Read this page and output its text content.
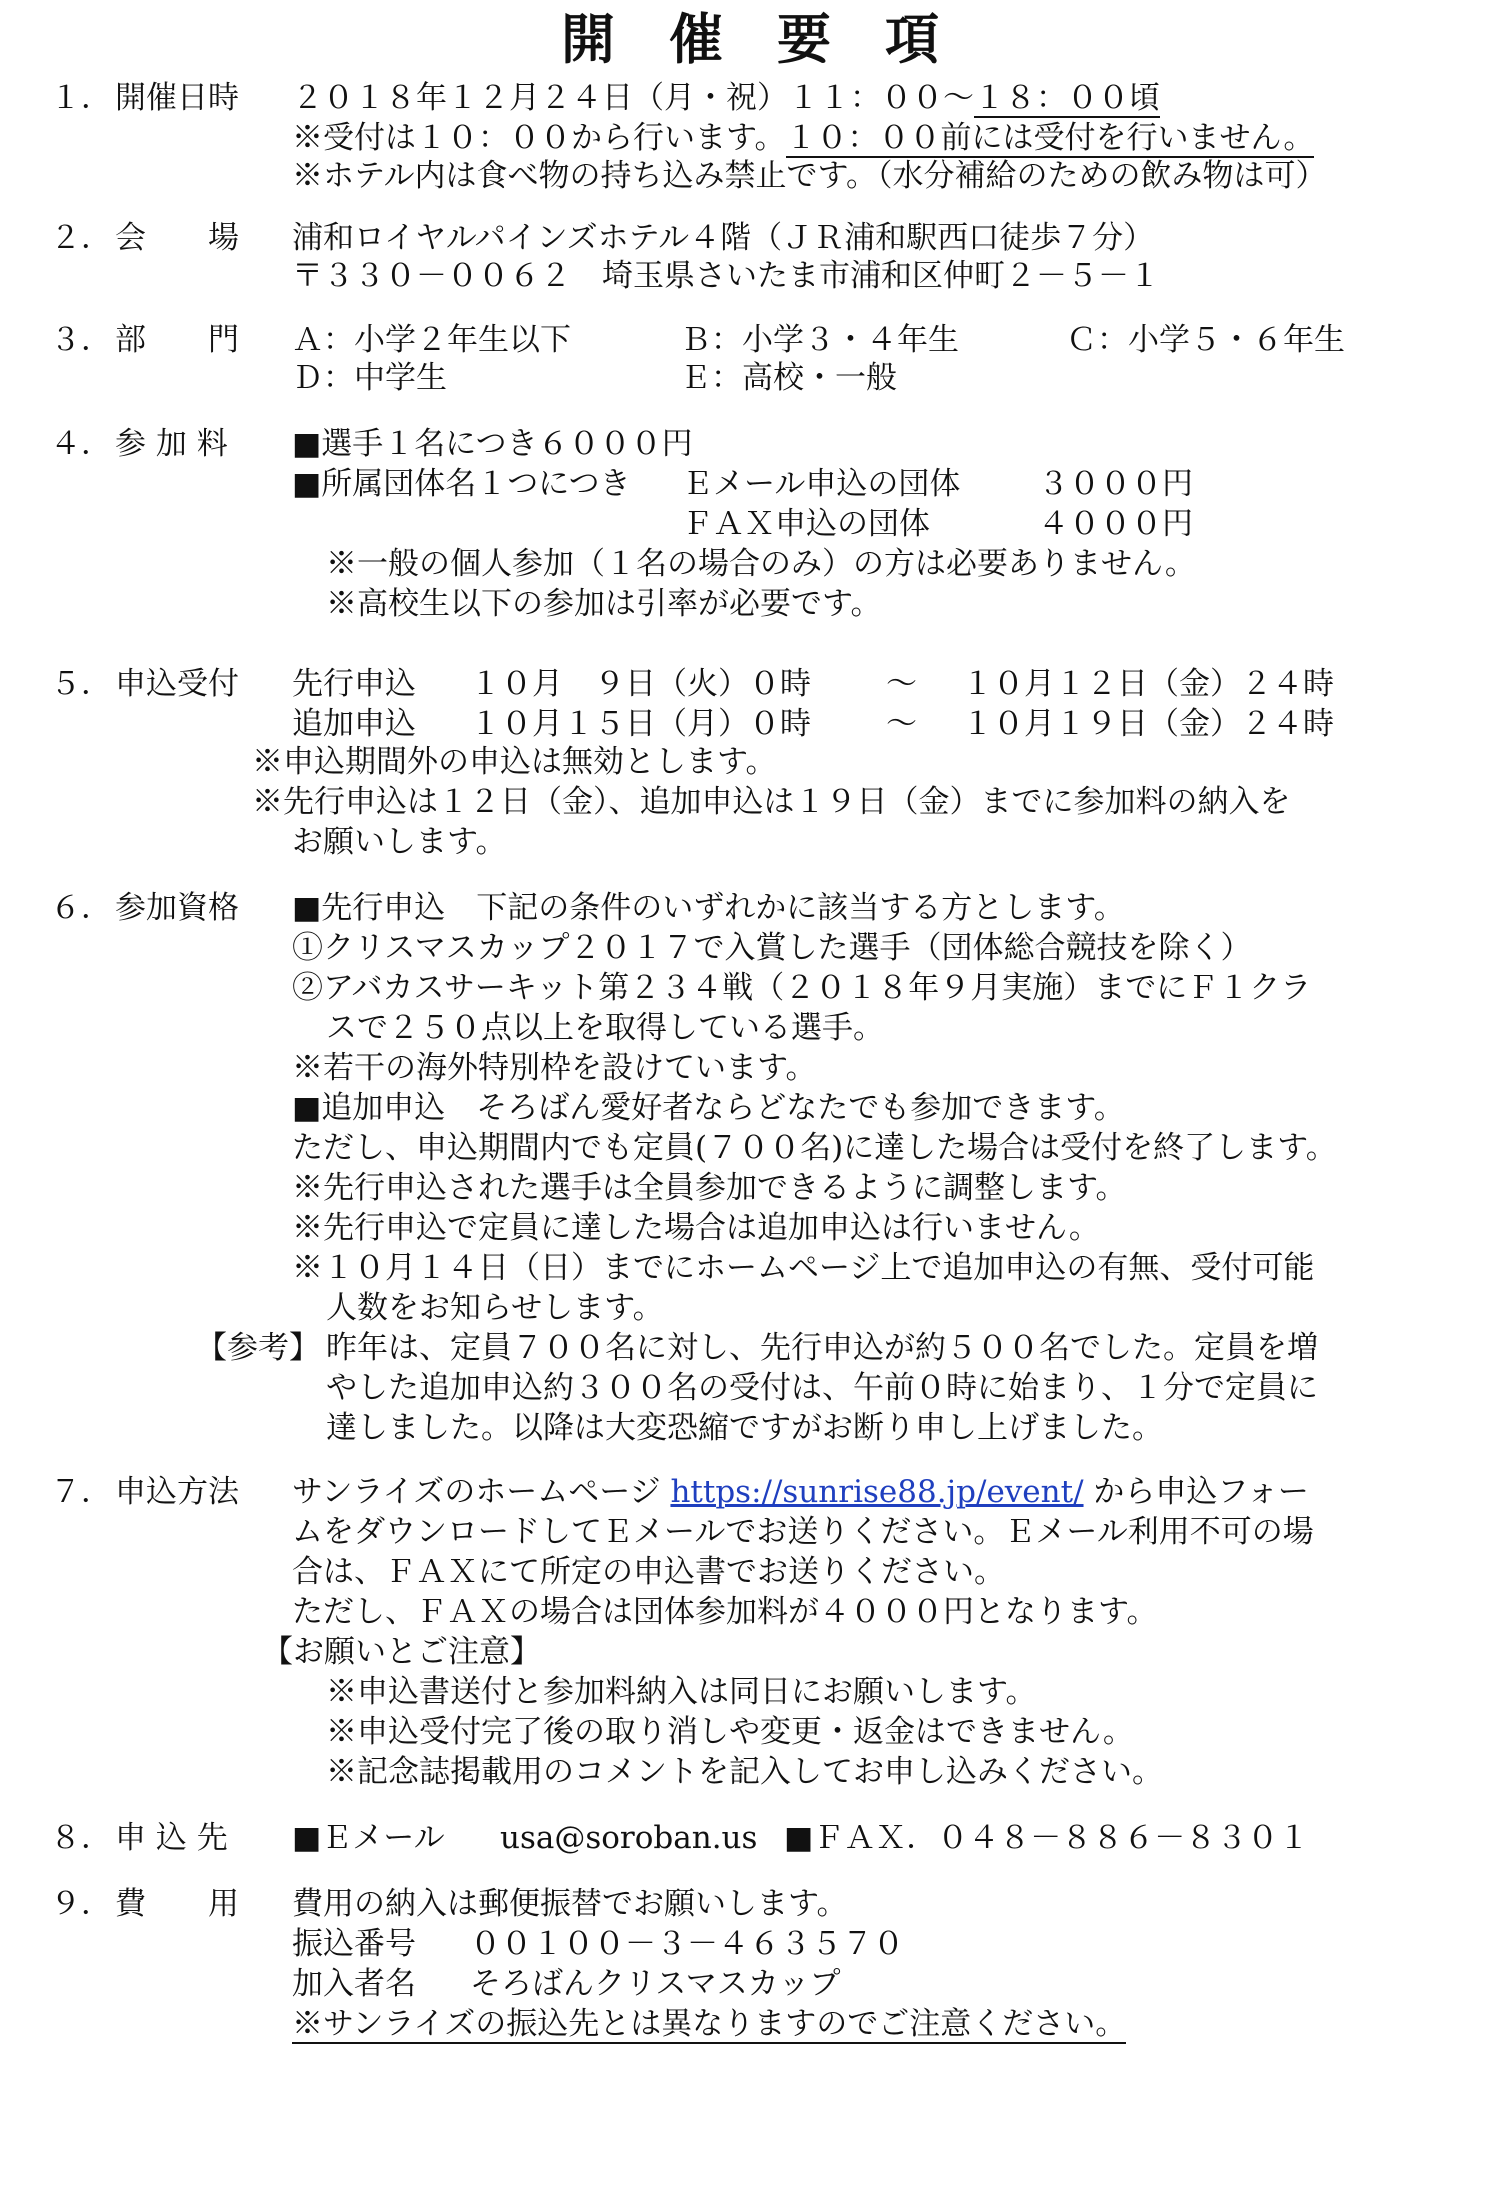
開　催　要　項
１． 開催日時 ２０１８年１２月２４日（月・祝）１１：００～１８：００頃
※受付は１０：００から行います。１０：００前には受付を行いません。
※ホテル内は食べ物の持ち込み禁止です。（水分補給のための飲み物は可）
２． 会　　場 浦和ロイヤルパインズホテル４階（ＪＲ浦和駅西口徒歩７分）
〒３３０－００６２　埼玉県さいたま市浦和区仲町２－５－１
３． 部　　門 Ａ：小学２年生以下	Ｂ：小学３・４年生	Ｃ：小学５・６年生
Ｄ：中学生	Ｅ：高校・一般
４． 参 加 料 ■選手１名につき６０００円
■所属団体名１つにつき Ｅメール申込の団体	３０００円
ＦＡＸ申込の団体	４０００円
※一般の個人参加（１名の場合のみ）の方は必要ありません。
※高校生以下の参加は引率が必要です。
５． 申込受付 先行申込 １０月　９日（火）０時 ～ １０月１２日（金）２４時
追加申込 １０月１５日（月）０時 ～ １０月１９日（金）２４時
※申込期間外の申込は無効とします。
※先行申込は１２日（金）、追加申込は１９日（金）までに参加料の納入を
お願いします。
６． 参加資格 ■先行申込　下記の条件のいずれかに該当する方とします。
①クリスマスカップ２０１７で入賞した選手（団体総合競技を除く）
②アバカスサーキット第２３４戦（２０１８年９月実施）までにＦ１クラ
スで２５０点以上を取得している選手。
※若干の海外特別枠を設けています。
■追加申込　そろばん愛好者ならどなたでも参加できます。
ただし、申込期間内でも定員(７００名)に達した場合は受付を終了します。
※先行申込された選手は全員参加できるように調整します。
※先行申込で定員に達した場合は追加申込は行いません。
※１０月１４日（日）までにホームページ上で追加申込の有無、受付可能
人数をお知らせします。
【参考】 昨年は、定員７００名に対し、先行申込が約５００名でした。定員を増
やした追加申込約３００名の受付は、午前０時に始まり、１分で定員に
達しました。以降は大変恐縮ですがお断り申し上げました。
７． 申込方法 サンライズのホームページ https://sunrise88.jp/event/ から申込フォー
ムをダウンロードしてＥメールでお送りください。Ｅメール利用不可の場
合は、ＦＡＸにて所定の申込書でお送りください。
ただし、ＦＡＸの場合は団体参加料が４０００円となります。
【お願いとご注意】
※申込書送付と参加料納入は同日にお願いします。
※申込受付完了後の取り消しや変更・返金はできません。
※記念誌掲載用のコメントを記入してお申し込みください。
８． 申 込 先 ■Ｅメール usa@soroban.us ■ＦＡＸ．０４８－８８６－８３０１
９． 費　　用 費用の納入は郵便振替でお願いします。
振込番号 ００１００－３－４６３５７０
加入者名 そろばんクリスマスカップ
※サンライズの振込先とは異なりますのでご注意ください。
